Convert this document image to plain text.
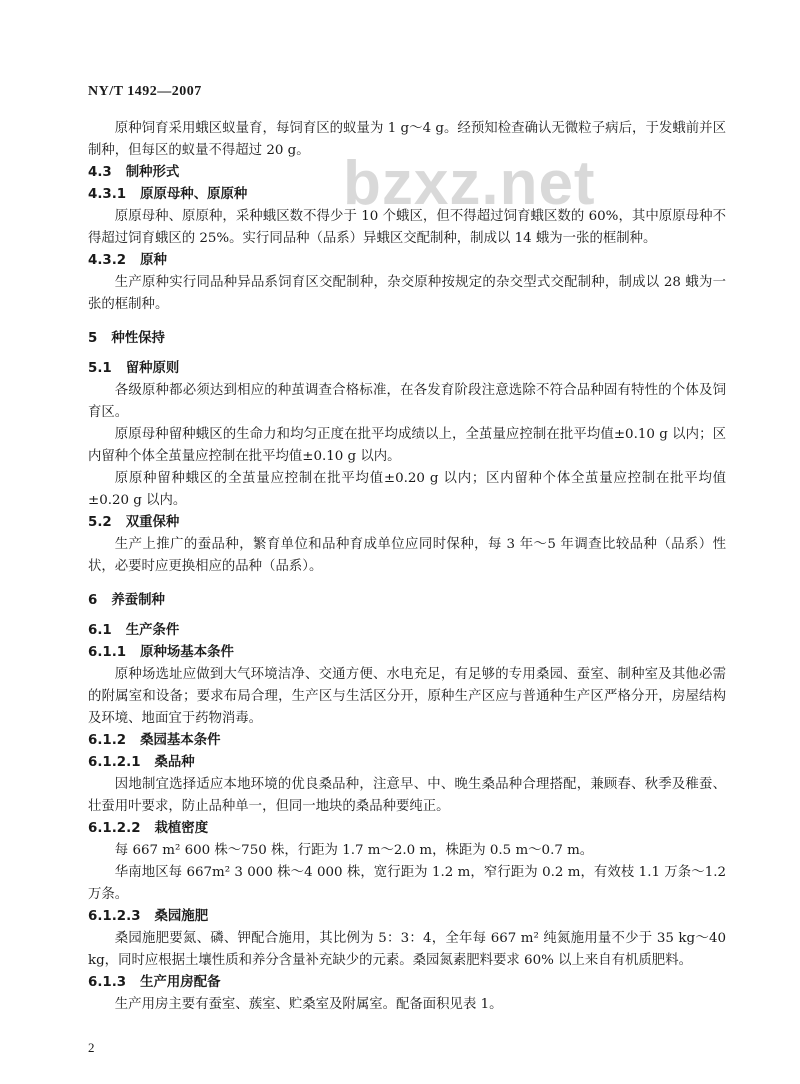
NY/T 1492—2007
bzxz.net

原种饲育采用蛾区蚁量育，每饲育区的蚁量为 1 g～4 g。经预知检查确认无微粒子病后，于发蛾前并区制种，但每区的蚁量不得超过 20 g。

4.3 制种形式
4.3.1 原原母种、原原种

原原母种、原原种，采种蛾区数不得少于 10 个蛾区，但不得超过饲育蛾区数的 60%，其中原原母种不得超过饲育蛾区的 25%。实行同品种（品系）异蛾区交配制种，制成以 14 蛾为一张的框制种。

4.3.2 原种

生产原种实行同品种异品系饲育区交配制种，杂交原种按规定的杂交型式交配制种，制成以 28 蛾为一张的框制种。

5 种性保持
5.1 留种原则

各级原种都必须达到相应的种茧调查合格标准，在各发育阶段注意选除不符合品种固有特性的个体及饲育区。

原原母种留种蛾区的生命力和均匀正度在批平均成绩以上，全茧量应控制在批平均值±0.10 g 以内；区内留种个体全茧量应控制在批平均值±0.10 g 以内。

原原种留种蛾区的全茧量应控制在批平均值±0.20 g 以内；区内留种个体全茧量应控制在批平均值±0.20 g 以内。

5.2 双重保种

生产上推广的蚕品种，繁育单位和品种育成单位应同时保种，每 3 年～5 年调查比较品种（品系）性状，必要时应更换相应的品种（品系）。

6 养蚕制种
6.1 生产条件
6.1.1 原种场基本条件

原种场选址应做到大气环境洁净、交通方便、水电充足，有足够的专用桑园、蚕室、制种室及其他必需的附属室和设备；要求布局合理，生产区与生活区分开，原种生产区应与普通种生产区严格分开，房屋结构及环境、地面宜于药物消毒。

6.1.2 桑园基本条件
6.1.2.1 桑品种

因地制宜选择适应本地环境的优良桑品种，注意早、中、晚生桑品种合理搭配，兼顾春、秋季及稚蚕、壮蚕用叶要求，防止品种单一，但同一地块的桑品种要纯正。

6.1.2.2 栽植密度

每 667 m² 600 株～750 株，行距为 1.7 m～2.0 m，株距为 0.5 m～0.7 m。

华南地区每 667m² 3 000 株～4 000 株，宽行距为 1.2 m，窄行距为 0.2 m，有效枝 1.1 万条～1.2 万条。

6.1.2.3 桑园施肥

桑园施肥要氮、磷、钾配合施用，其比例为 5：3：4，全年每 667 m² 纯氮施用量不少于 35 kg～40 kg，同时应根据土壤性质和养分含量补充缺少的元素。桑园氮素肥料要求 60% 以上来自有机质肥料。

6.1.3 生产用房配备

生产用房主要有蚕室、蔟室、贮桑室及附属室。配备面积见表 1。

2
